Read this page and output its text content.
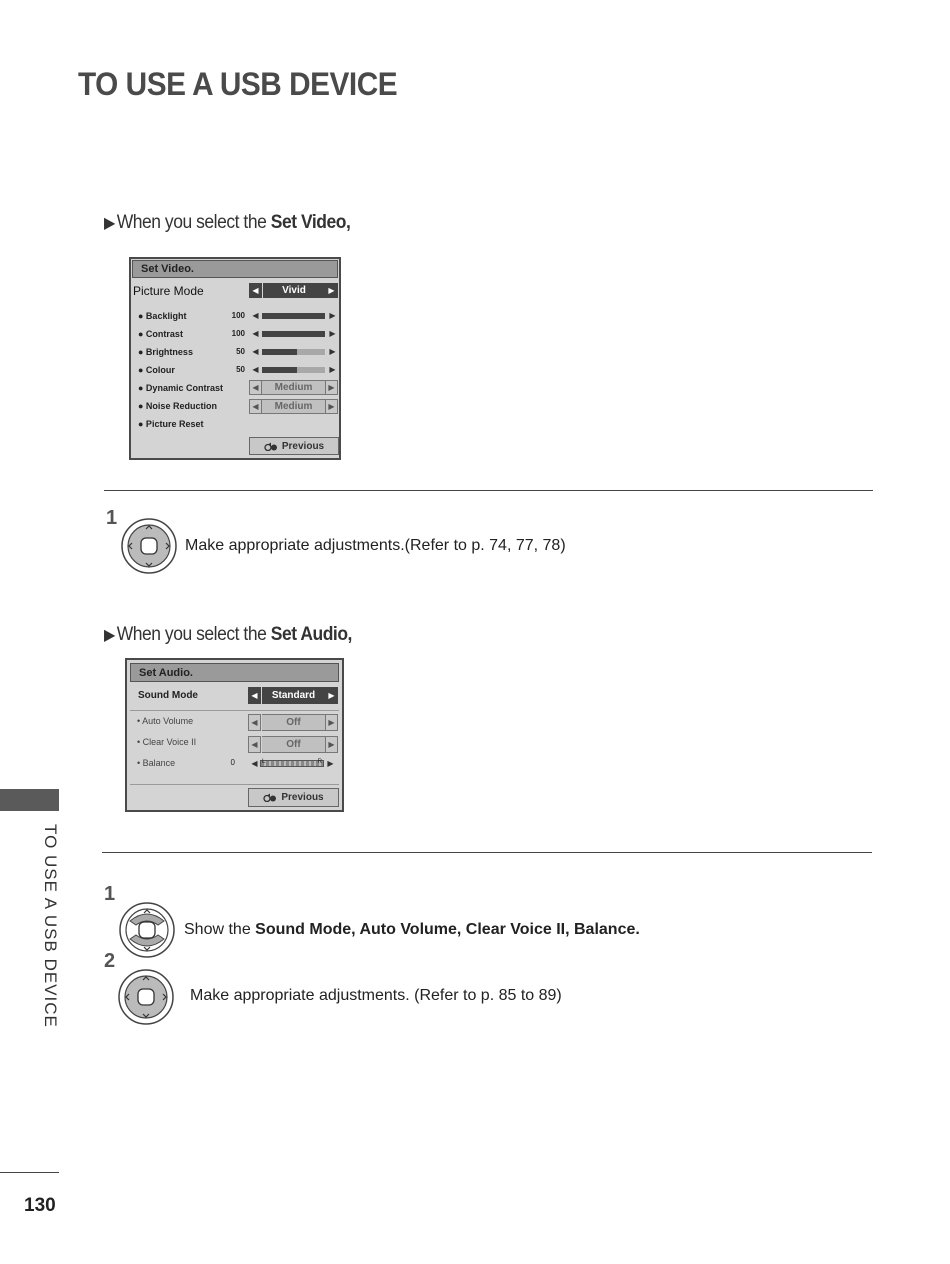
TO USE A USB DEVICE
▶When you select the Set Video,
Set Video.
Picture Mode	◀	Vivid	▶
● Backlight	100 ◀	▶
● Contrast	100 ◀	▶
● Brightness	50 ◀	▶
● Colour	50 ◀	▶
● Dynamic Contrast	◀	Medium	▶
● Noise Reduction	◀	Medium	▶
● Picture Reset
Previous
1
Make appropriate adjustments.(Refer to p. 74, 77, 78)
▶When you select the Set Audio,
Set Audio.
Sound Mode	◀	Standard	▶
• Auto Volume	◀	Off	▶
• Clear Voice II	◀	Off	▶
• Balance	0	◀ L	R ▶
Previous
1
Show the Sound Mode, Auto Volume, Clear Voice II, Balance.
2
Make appropriate adjustments. (Refer to p. 85 to 89)
TO USE A USB DEVICE
130
